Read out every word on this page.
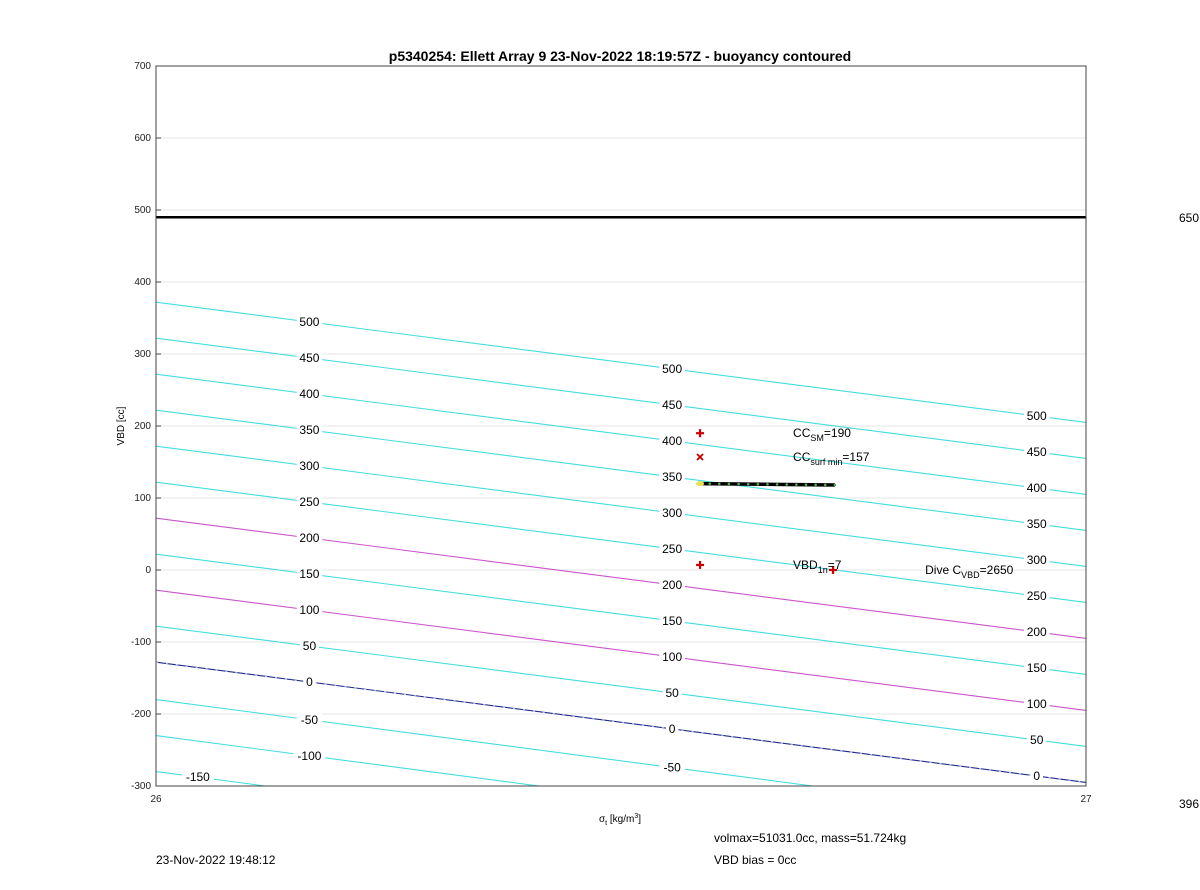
p5340254: Ellett Array 9 23-Nov-2022 18:19:57Z - buoyancy contoured
-150
-100
-50
-50
0
0
0
50
50
50
100
100
100
150
150
150
200
200
200
250
250
250
300
300
300
350
350
350
400
400
400
450
450
450
500
500
500
$CC_{SM}=190$
$CC_{surf min}=157$
$VBD_{1n}=7$	Dive $C_{VBD}=2650$
-300
-200
-100
0
100
200
300
400
500
600
700
26	27
VBD [cc]
$\sigma_t$ $[kg/m^3]$
650
396
23-Nov-2022 19:48:12
volmax=51031.0cc, mass=51.724kg
VBD bias = 0cc
